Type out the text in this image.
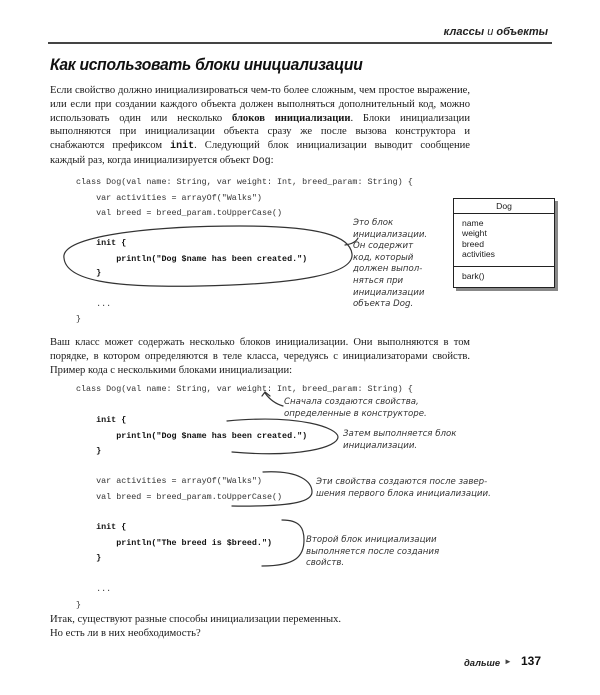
классы и объекты
Как использовать блоки инициализации
Если свойство должно инициализироваться чем-то более сложным, чем простое выражение, или если при создании каждого объекта должен выполняться дополнительный код, можно использовать один или несколько блоков инициализации. Блоки инициализации выполняются при инициализации объекта сразу же после вызова конструктора и снабжаются префиксом init. Следующий блок инициализации выводит сообщение каждый раз, когда инициализируется объект Dog:
class Dog(val name: String, var weight: Int, breed_param: String) {
var activities = arrayOf("Walks")
val breed = breed_param.toUpperCase()
init {
println("Dog $name has been created.")
}
...
}
Это блок
инициализации.
Он содержит
код, который
должен выпол-
няться при
инициализации
объекта Dog.
Dog
name
weight
breed
activities
bark()
Ваш класс может содержать несколько блоков инициализации. Они выполняются в том порядке, в котором определяются в теле класса, чередуясь с инициализаторами свойств. Пример кода с несколькими блоками инициализации:
class Dog(val name: String, var weight: Int, breed_param: String) {
init {
println("Dog $name has been created.")
}
var activities = arrayOf("Walks")
val breed = breed_param.toUpperCase()
init {
println("The breed is $breed.")
}
...
}
Сначала создаются свойства,
определенные в конструкторе.
Затем выполняется блок
инициализации.
Эти свойства создаются после завер-
шения первого блока инициализации.
Второй блок инициализации
выполняется после создания
свойств.
Итак, существуют разные способы инициализации переменных.
Но есть ли в них необходимость?
дальше ► 137
